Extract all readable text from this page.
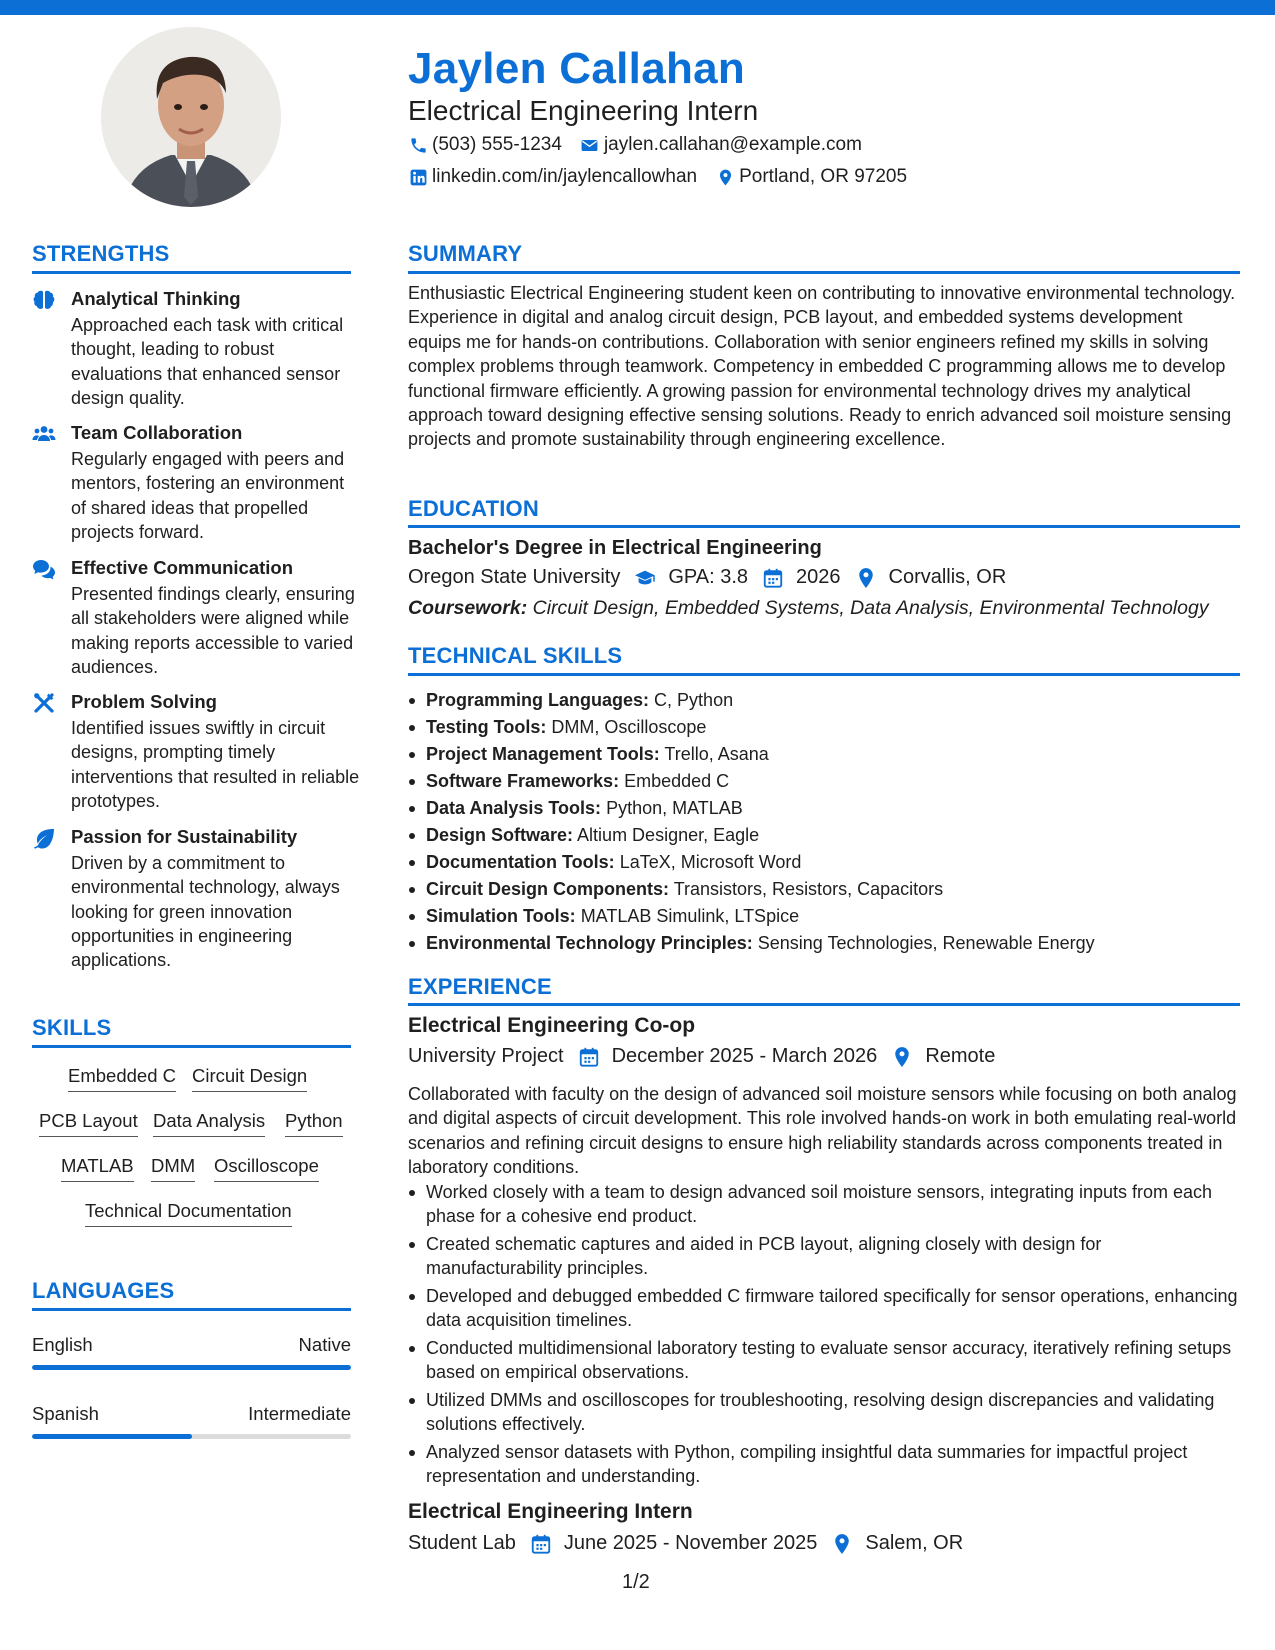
Jaylen Callahan
Electrical Engineering Intern
(503) 555-1234 jaylen.callahan@example.com
linkedin.com/in/jaylencallowhan Portland, OR 97205
STRENGTHS
Analytical Thinking
Approached each task with critical thought, leading to robust evaluations that enhanced sensor design quality.
Team Collaboration
Regularly engaged with peers and mentors, fostering an environment of shared ideas that propelled projects forward.
Effective Communication
Presented findings clearly, ensuring all stakeholders were aligned while making reports accessible to varied audiences.
Problem Solving
Identified issues swiftly in circuit designs, prompting timely interventions that resulted in reliable prototypes.
Passion for Sustainability
Driven by a commitment to environmental technology, always looking for green innovation opportunities in engineering applications.
SKILLS
Embedded C Circuit Design
PCB Layout Data Analysis Python
MATLAB DMM Oscilloscope
Technical Documentation
LANGUAGES
English	Native
Spanish	Intermediate
SUMMARY
Enthusiastic Electrical Engineering student keen on contributing to innovative environmental technology. Experience in digital and analog circuit design, PCB layout, and embedded systems development equips me for hands-on contributions. Collaboration with senior engineers refined my skills in solving complex problems through teamwork. Competency in embedded C programming allows me to develop functional firmware efficiently. A growing passion for environmental technology drives my analytical approach toward designing effective sensing solutions. Ready to enrich advanced soil moisture sensing projects and promote sustainability through engineering excellence.
EDUCATION
Bachelor's Degree in Electrical Engineering
Oregon State University GPA: 3.8 2026 Corvallis, OR
Coursework: Circuit Design, Embedded Systems, Data Analysis, Environmental Technology
TECHNICAL SKILLS
Programming Languages: C, Python
Testing Tools: DMM, Oscilloscope
Project Management Tools: Trello, Asana
Software Frameworks: Embedded C
Data Analysis Tools: Python, MATLAB
Design Software: Altium Designer, Eagle
Documentation Tools: LaTeX, Microsoft Word
Circuit Design Components: Transistors, Resistors, Capacitors
Simulation Tools: MATLAB Simulink, LTSpice
Environmental Technology Principles: Sensing Technologies, Renewable Energy
EXPERIENCE
Electrical Engineering Co-op
University Project December 2025 - March 2026 Remote
Collaborated with faculty on the design of advanced soil moisture sensors while focusing on both analog and digital aspects of circuit development. This role involved hands-on work in both emulating real-world scenarios and refining circuit designs to ensure high reliability standards across components treated in laboratory conditions.
Worked closely with a team to design advanced soil moisture sensors, integrating inputs from each phase for a cohesive end product.
Created schematic captures and aided in PCB layout, aligning closely with design for manufacturability principles.
Developed and debugged embedded C firmware tailored specifically for sensor operations, enhancing data acquisition timelines.
Conducted multidimensional laboratory testing to evaluate sensor accuracy, iteratively refining setups based on empirical observations.
Utilized DMMs and oscilloscopes for troubleshooting, resolving design discrepancies and validating solutions effectively.
Analyzed sensor datasets with Python, compiling insightful data summaries for impactful project representation and understanding.
Electrical Engineering Intern
Student Lab June 2025 - November 2025 Salem, OR
1/2
